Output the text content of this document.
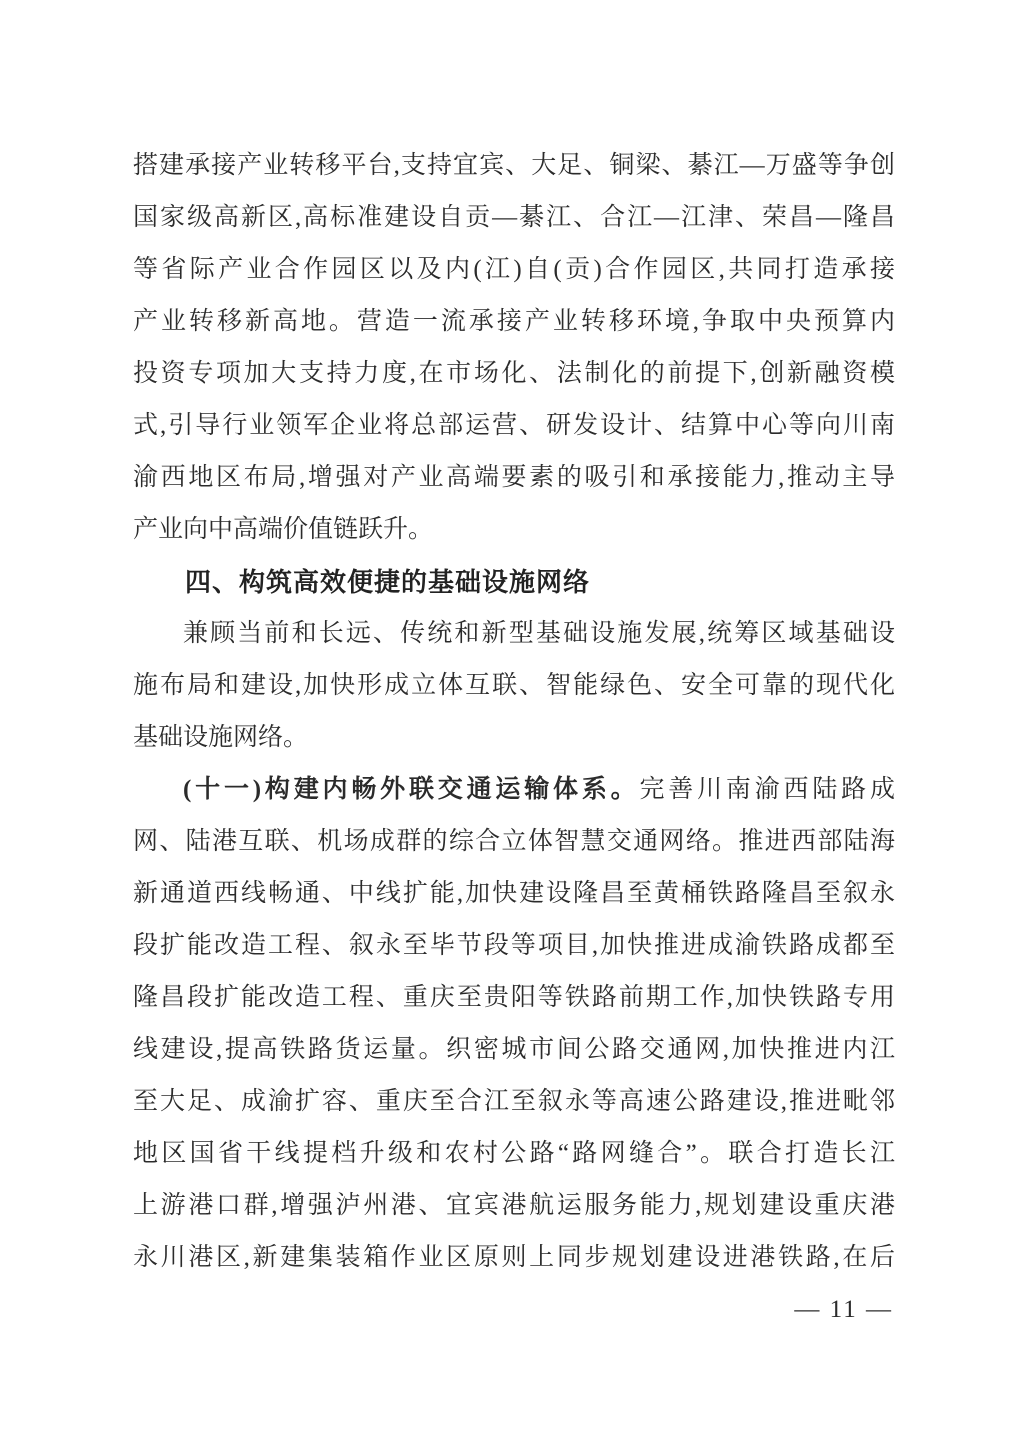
搭建承接产业转移平台,支持宜宾、大足、铜梁、綦江—万盛等争创
国家级高新区,高标准建设自贡—綦江、合江—江津、荣昌—隆昌
等省际产业合作园区以及内(江)自(贡)合作园区,共同打造承接
产业转移新高地。营造一流承接产业转移环境,争取中央预算内
投资专项加大支持力度,在市场化、法制化的前提下,创新融资模
式,引导行业领军企业将总部运营、研发设计、结算中心等向川南
渝西地区布局,增强对产业高端要素的吸引和承接能力,推动主导
产业向中高端价值链跃升。
四、构筑高效便捷的基础设施网络
兼顾当前和长远、传统和新型基础设施发展,统筹区域基础设
施布局和建设,加快形成立体互联、智能绿色、安全可靠的现代化
基础设施网络。
(十一)构建内畅外联交通运输体系。完善川南渝西陆路成
网、陆港互联、机场成群的综合立体智慧交通网络。推进西部陆海
新通道西线畅通、中线扩能,加快建设隆昌至黄桶铁路隆昌至叙永
段扩能改造工程、叙永至毕节段等项目,加快推进成渝铁路成都至
隆昌段扩能改造工程、重庆至贵阳等铁路前期工作,加快铁路专用
线建设,提高铁路货运量。织密城市间公路交通网,加快推进内江
至大足、成渝扩容、重庆至合江至叙永等高速公路建设,推进毗邻
地区国省干线提档升级和农村公路“路网缝合”。联合打造长江
上游港口群,增强泸州港、宜宾港航运服务能力,规划建设重庆港
永川港区,新建集装箱作业区原则上同步规划建设进港铁路,在后
— 11 —
